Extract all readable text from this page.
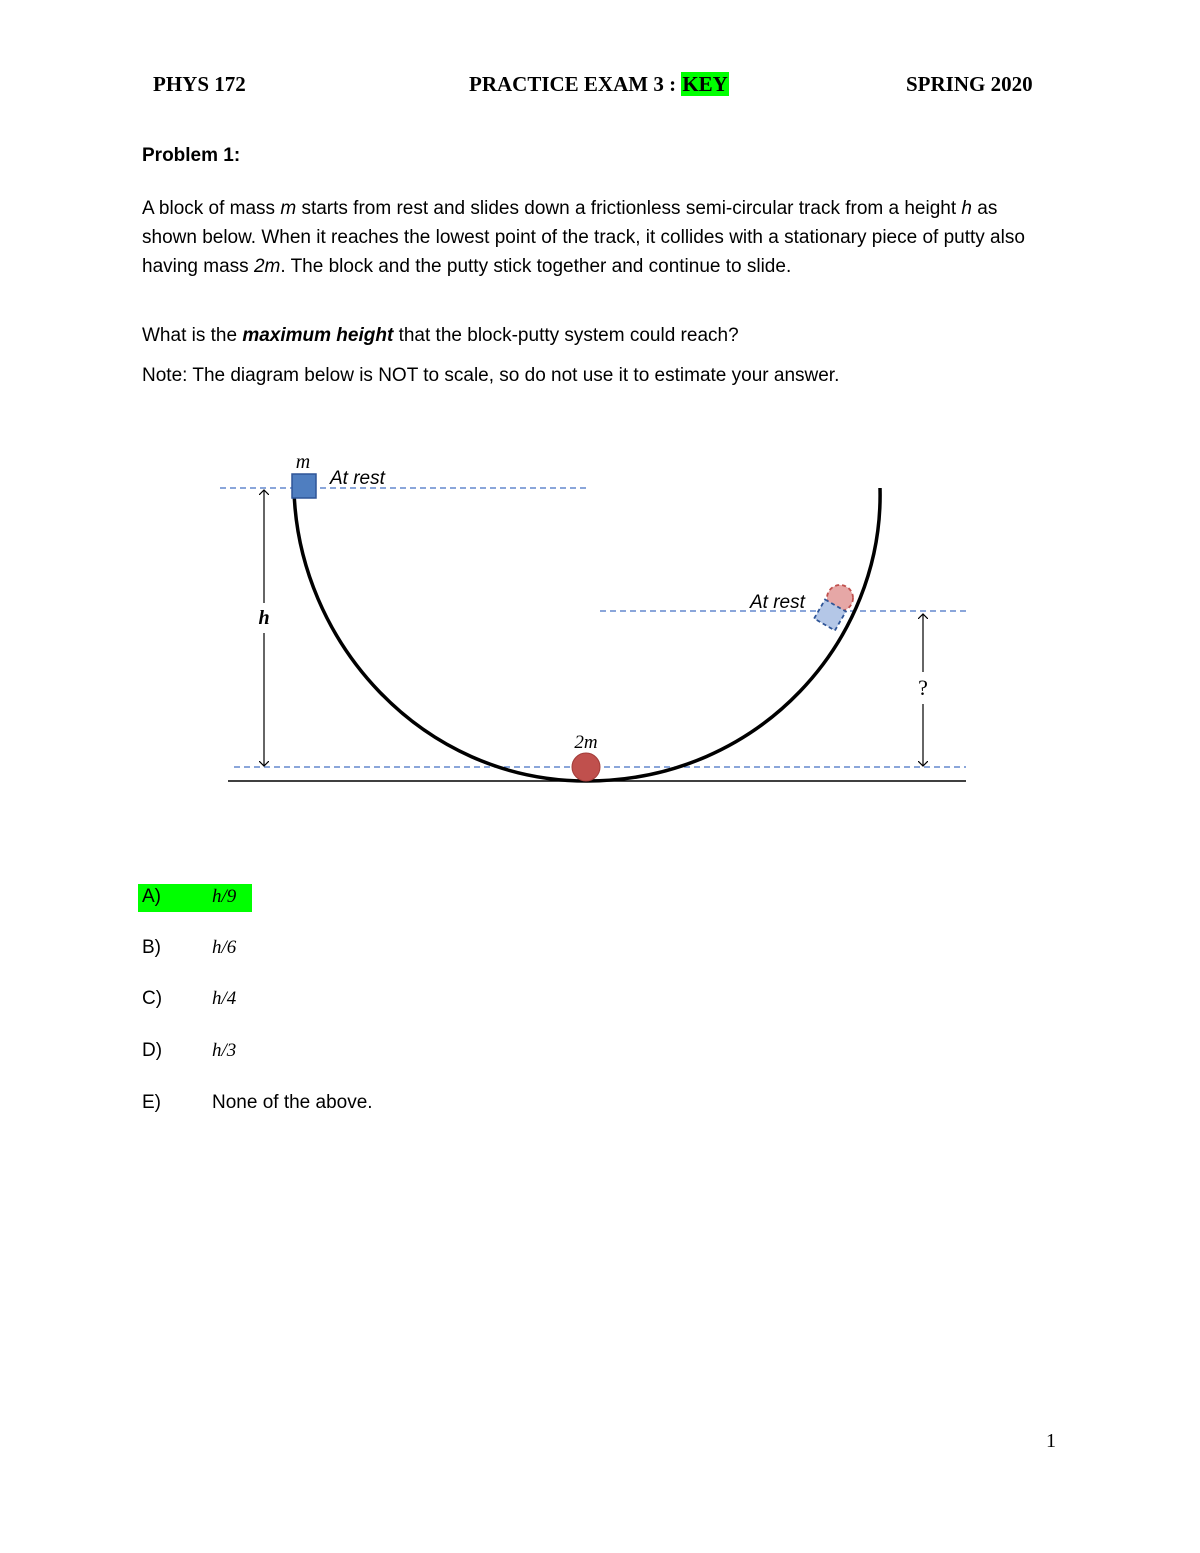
PHYS 172	PRACTICE EXAM 3 : KEY	SPRING 2020
Problem 1:
A block of mass m starts from rest and slides down a frictionless semi-circular track from a height h as shown below. When it reaches the lowest point of the track, it collides with a stationary piece of putty also having mass 2m. The block and the putty stick together and continue to slide.
What is the maximum height that the block-putty system could reach?
Note: The diagram below is NOT to scale, so do not use it to estimate your answer.
h
?
m
At rest
2m
At rest
A)	h/9
B)	h/6
C)	h/4
D)	h/3
E)	None of the above.
1
